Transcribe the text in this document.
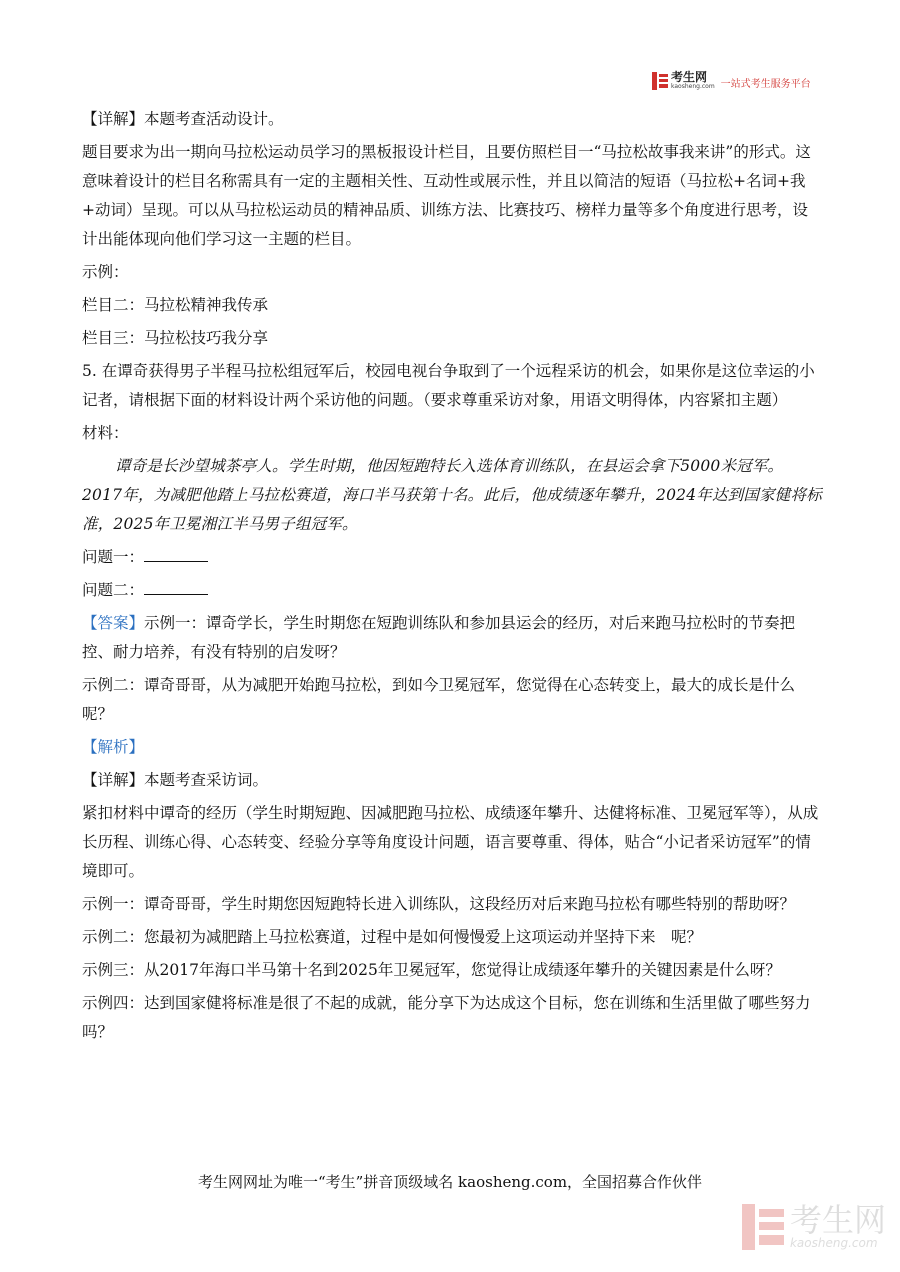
考生网
kaosheng.com 一站式考生服务平台

【详解】本题考查活动设计。

题目要求为出一期向马拉松运动员学习的黑板报设计栏目，且要仿照栏目一“马拉松故事我来讲”的形式。这意味着设计的栏目名称需具有一定的主题相关性、互动性或展示性，并且以简洁的短语（马拉松+名词+我+动词）呈现。可以从马拉松运动员的精神品质、训练方法、比赛技巧、榜样力量等多个角度进行思考，设计出能体现向他们学习这一主题的栏目。

示例：

栏目二：马拉松精神我传承

栏目三：马拉松技巧我分享

5. 在谭奇获得男子半程马拉松组冠军后，校园电视台争取到了一个远程采访的机会，如果你是这位幸运的小记者，请根据下面的材料设计两个采访他的问题。（要求尊重采访对象，用语文明得体，内容紧扣主题）

材料：

谭奇是长沙望城茶亭人。学生时期，他因短跑特长入选体育训练队，在县运会拿下5000米冠军。2017年，为减肥他踏上马拉松赛道，海口半马获第十名。此后，他成绩逐年攀升，2024年达到国家健将标准，2025年卫冕湘江半马男子组冠军。

问题一：

问题二：

【答案】示例一：谭奇学长，学生时期您在短跑训练队和参加县运会的经历，对后来跑马拉松时的节奏把控、耐力培养，有没有特别的启发呀？

示例二：谭奇哥哥，从为减肥开始跑马拉松，到如今卫冕冠军，您觉得在心态转变上，最大的成长是什么呢？

【解析】

【详解】本题考查采访词。

紧扣材料中谭奇的经历（学生时期短跑、因减肥跑马拉松、成绩逐年攀升、达健将标准、卫冕冠军等），从成长历程、训练心得、心态转变、经验分享等角度设计问题，语言要尊重、得体，贴合“小记者采访冠军”的情境即可。

示例一：谭奇哥哥，学生时期您因短跑特长进入训练队，这段经历对后来跑马拉松有哪些特别的帮助呀？

示例二：您最初为减肥踏上马拉松赛道，过程中是如何慢慢爱上这项运动并坚持下来　呢？

示例三：从2017年海口半马第十名到2025年卫冕冠军，您觉得让成绩逐年攀升的关键因素是什么呀？

示例四：达到国家健将标准是很了不起的成就，能分享下为达成这个目标，您在训练和生活里做了哪些努力吗？

考生网网址为唯一“考生”拼音顶级域名 kaosheng.com，全国招募合作伙伴
考生网
kaosheng.com
